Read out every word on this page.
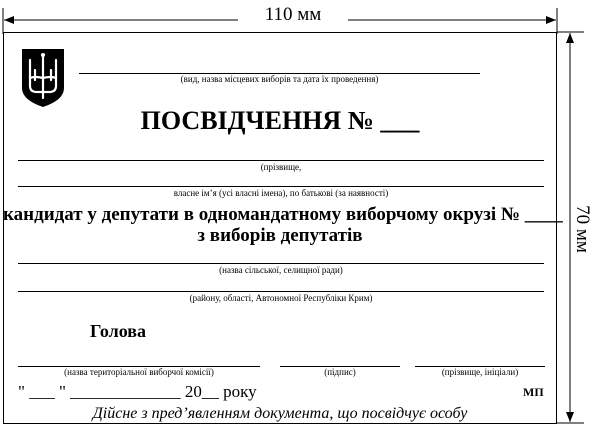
110 мм
70 мм
(вид, назва місцевих виборів та дата їх проведення)
ПОСВІДЧЕННЯ № ___
(прізвище,
власне ім’я (усі власні імена), по батькові (за наявності)
кандидат у депутати в одномандатному виборчому окрузі № ____
з виборів депутатів
(назва сільської, селищної ради)
(району, області, Автономної Республіки Крим)
Голова
(назва територіальної виборчої комісії)	(підпис)	(прізвище, ініціали)
" ___ " _____________ 20__ року	МП
Дійсне з пред’явленням документа, що посвідчує особу
